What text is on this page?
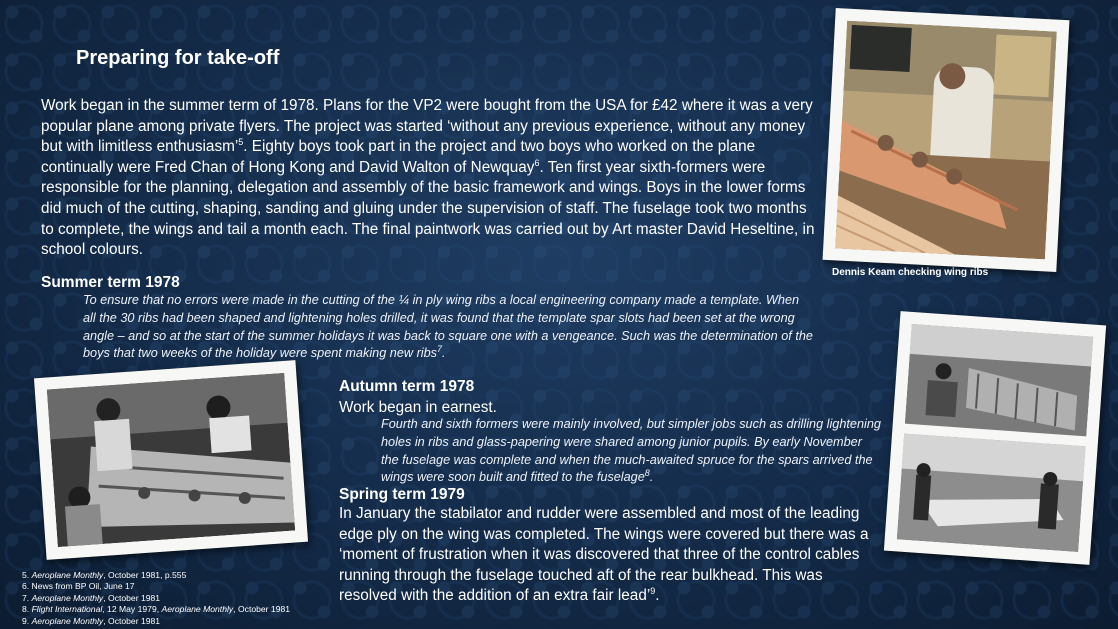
Preparing for take-off

Work began in the summer term of 1978. Plans for the VP2 were bought from the USA for £42 where it was a very popular plane among private flyers. The project was started ‘without any previous experience, without any money but with limitless enthusiasm’$^5$. Eighty boys took part in the project and two boys who worked on the plane continually were Fred Chan of Hong Kong and David Walton of Newquay$^6$. Ten first year sixth-formers were responsible for the planning, delegation and assembly of the basic framework and wings. Boys in the lower forms did much of the cutting, shaping, sanding and gluing under the supervision of staff. The fuselage took two months to complete, the wings and tail a month each. The final paintwork was carried out by Art master David Heseltine, in school colours.

Summer term 1978

To ensure that no errors were made in the cutting of the ¼ in ply wing ribs a local engineering company made a template. When all the 30 ribs had been shaped and lightening holes drilled, it was found that the template spar slots had been set at the wrong angle – and so at the start of the summer holidays it was back to square one with a vengeance. Such was the determination of the boys that two weeks of the holiday were spent making new ribs$^7$.

Autumn term 1978

Work began in earnest.

Fourth and sixth formers were mainly involved, but simpler jobs such as drilling lightening holes in ribs and glass-papering were shared among junior pupils. By early November the fuselage was complete and when the much-awaited spruce for the spars arrived the wings were soon built and fitted to the fuselage$^8$.

Spring term 1979

In January the stabilator and rudder were assembled and most of the leading edge ply on the wing was completed. The wings were covered but there was a ‘moment of frustration when it was discovered that three of the control cables running through the fuselage touched aft of the rear bulkhead. This was resolved with the addition of an extra fair lead’$^9$.

Dennis Keam checking wing ribs
5. Aeroplane Monthly, October 1981, p.555
6. News from BP Oil, June 17
7. Aeroplane Monthly, October 1981
8. Flight International, 12 May 1979, Aeroplane Monthly, October 1981
9. Aeroplane Monthly, October 1981
